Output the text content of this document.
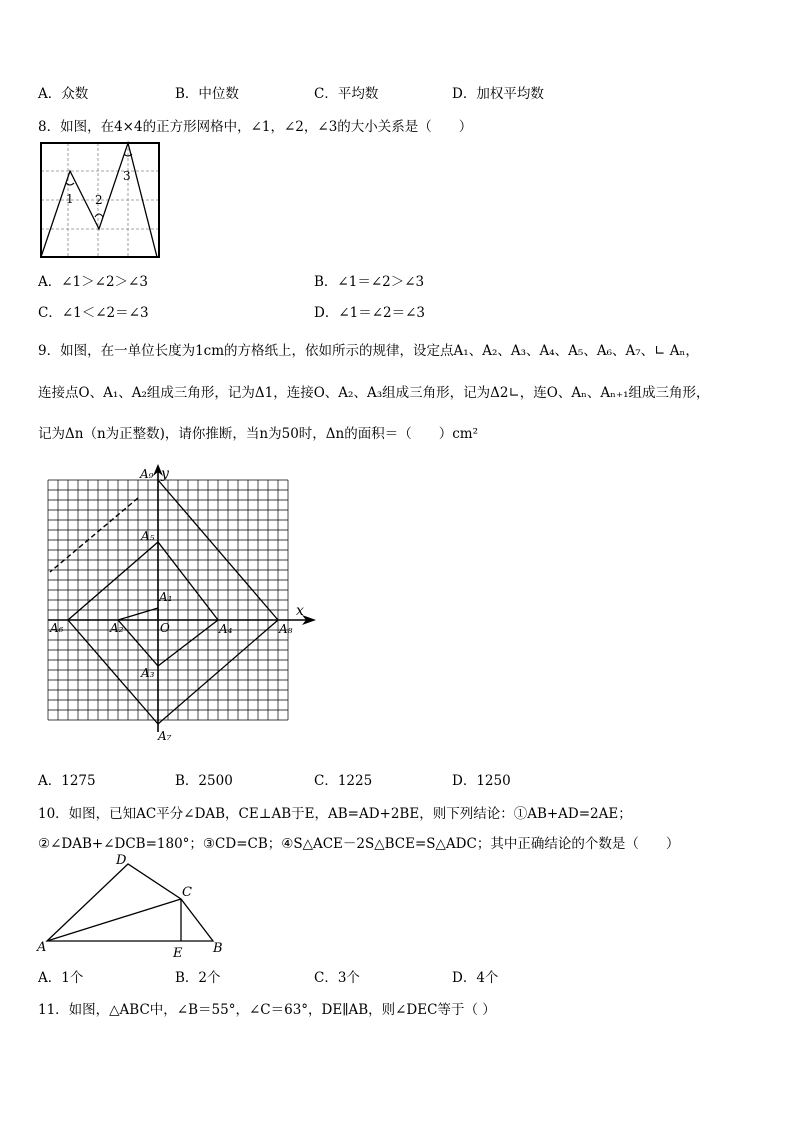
A．众数	B．中位数	C．平均数	D．加权平均数
8．如图，在4×4的正方形网格中，∠1，∠2，∠3的大小关系是（　　）
1 2
3
A．∠1＞∠2＞∠3	B．∠1＝∠2＞∠3
C．∠1＜∠2＝∠3	D．∠1＝∠2＝∠3
9．如图，在一单位长度为1cm的方格纸上，依如所示的规律，设定点A₁、A₂、A₃、A₄、A₅、A₆、A₇、∟ Aₙ，
连接点O、A₁、A₂组成三角形，记为Δ1，连接O、A₂、A₃组成三角形，记为Δ2∟，连O、Aₙ、Aₙ₊₁组成三角形，
记为Δn（n为正整数)，请你推断，当n为50时，Δn的面积＝（　　）cm²
A₉ y
A₅
A₁
x
A₆	A₂	O	A₄	A₈
A₃
A₇
A．1275	B．2500	C．1225	D．1250
10．如图，已知AC平分∠DAB，CE⊥AB于E，AB=AD+2BE，则下列结论：①AB+AD=2AE；
②∠DAB+∠DCB=180°；③CD=CB；④S△ACE－2S△BCE=S△ADC；其中正确结论的个数是（　　）
D
C
A	E B
A．1个	B．2个	C．3个	D．4个
11．如图，△ABC中，∠B＝55°，∠C＝63°，DE∥AB，则∠DEC等于（ ）
